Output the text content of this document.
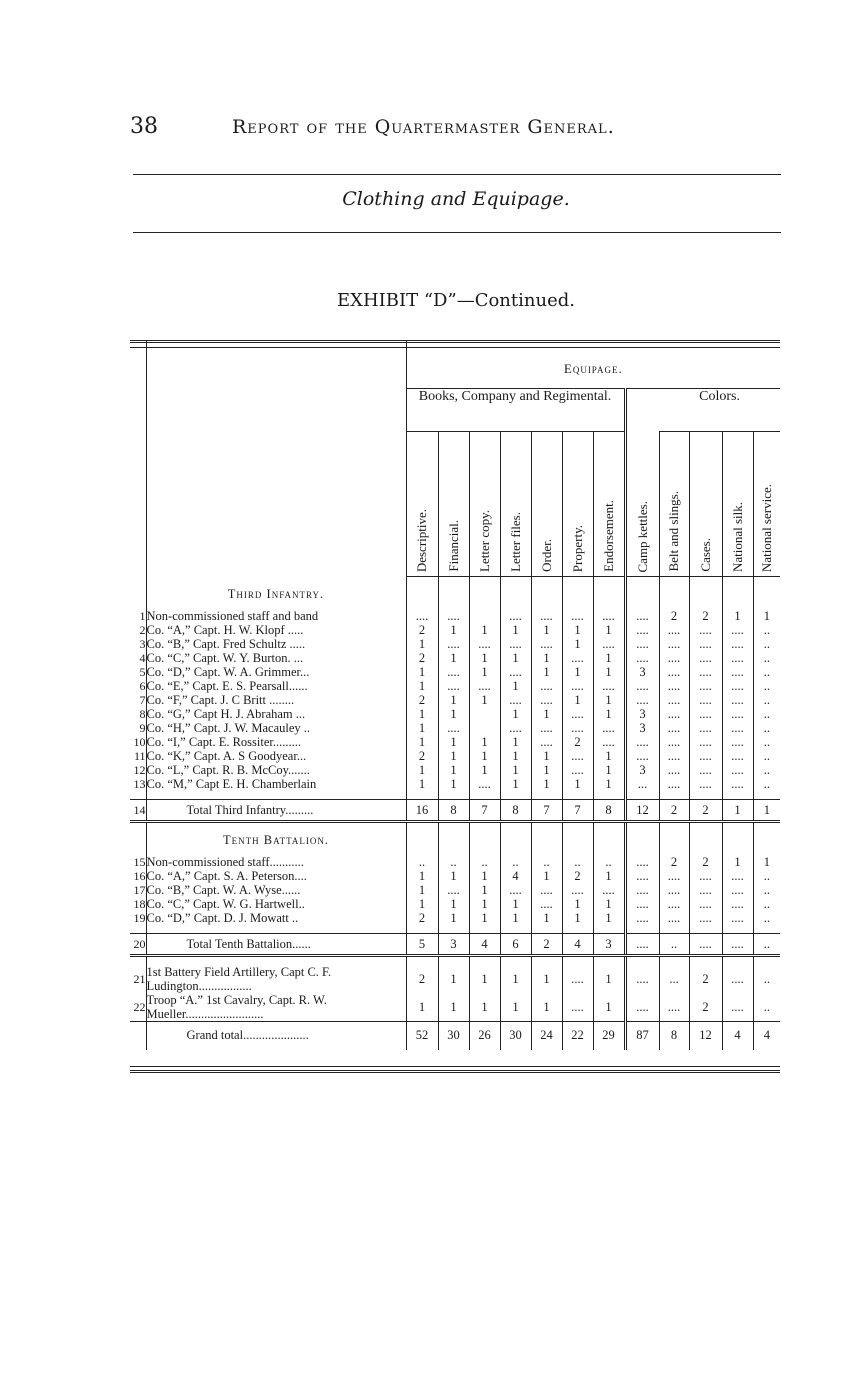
38	Report of the Quartermaster General.
Clothing and Equipage.
EXHIBIT “D”—Continued.
		Equipage.											
		Books, Company and Regimental.								Colors.			

		Descriptive.	Financial.	Letter copy.	Letter files.	Order.	Property.	Endorsement.	Camp kettles.	Belt and slings.	Cases.	National silk.	National service.

	Third Infantry.												
1	Non-commissioned staff and band	....	....		....	....	....	....	....	2	2	1	1
2	Co. “A,” Capt. H. W. Klopf .....	2	1	1	1	1	1	1	....	....	....	....	..
3	Co. “B,” Capt. Fred Schultz .....	1	....	....	....	....	1	....	....	....	....	....	..
4	Co. “C,” Capt. W. Y. Burton. ...	2	1	1	1	1	....	1	....	....	....	....	..
5	Co. “D,” Capt. W. A. Grimmer...	1	....	1	....	1	1	1	3	....	....	....	..
6	Co. “E,” Capt. E. S. Pearsall......	1	....	....	1	....	....	....	....	....	....	....	..
7	Co. “F,” Capt. J. C Britt ........	2	1	1	....	....	1	1	....	....	....	....	..
8	Co. “G,” Capt H. J. Abraham ...	1	1		1	1	....	1	3	....	....	....	..
9	Co. “H,” Capt. J. W. Macauley ..	1	....		....	....	....	....	3	....	....	....	..
10	Co. “I,” Capt. E. Rossiter.........	1	1	1	1	....	2	....	....	....	....	....	..
11	Co. “K,” Capt. A. S Goodyear...	2	1	1	1	1	....	1	....	....	....	....	..
12	Co. “L,” Capt. R. B. McCoy.......	1	1	1	1	1	....	1	3	....	....	....	..
13	Co. “M,” Capt E. H. Chamberlain	1	1	....	1	1	1	1	...	....	....	....	..

14	Total Third Infantry.........	16	8	7	8	7	7	8	12	2	2	1	1
	Tenth Battalion.												
15	Non-commissioned staff...........	..	..	..	..	..	..	..	....	2	2	1	1
16	Co. “A,” Capt. S. A. Peterson....	1	1	1	4	1	2	1	....	....	....	....	..
17	Co. “B,” Capt. W. A. Wyse......	1	....	1	....	....	....	....	....	....	....	....	..
18	Co. “C,” Capt. W. G. Hartwell..	1	1	1	1	....	1	1	....	....	....	....	..
19	Co. “D,” Capt. D. J. Mowatt ..	2	1	1	1	1	1	1	....	....	....	....	..

20	Total Tenth Battalion......	5	3	4	6	2	4	3	....	..	....	....	..

21	1st Battery Field Artillery, Capt C. F. Ludington.................	2	1	1	1	1	....	1	....	...	2	....	..
22	Troop “A.” 1st Cavalry, Capt. R. W. Mueller.........................	1	1	1	1	1	....	1	....	....	2	....	..
	Grand total.....................	52	30	26	30	24	22	29	87	8	12	4	4
